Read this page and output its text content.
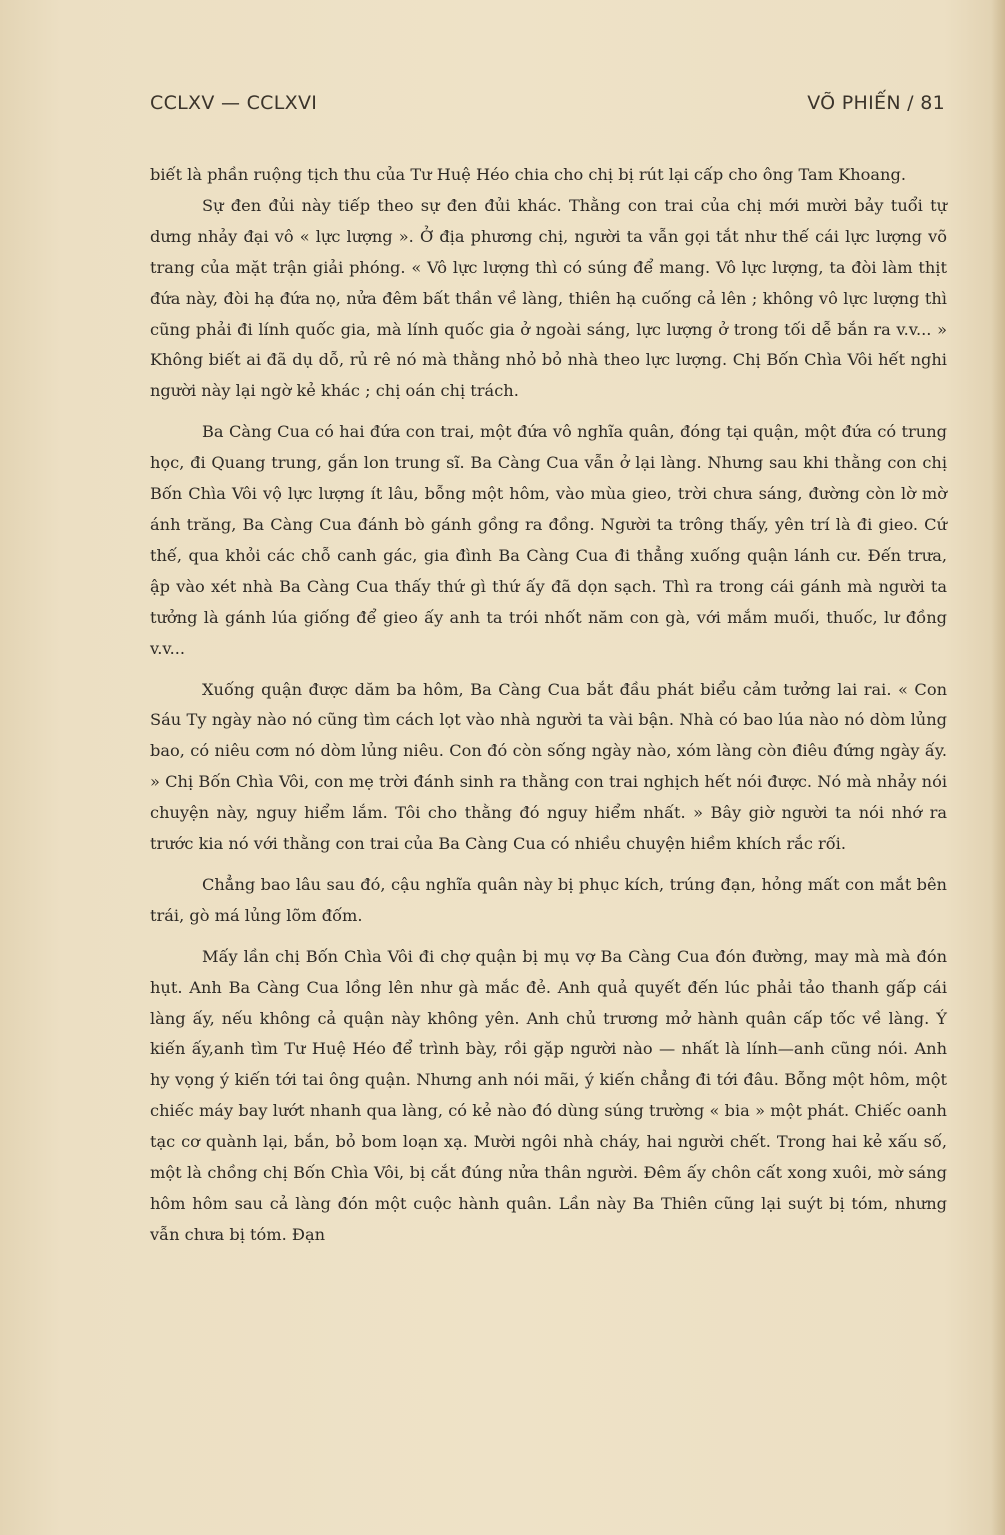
CCLXV — CCLXVI	VÕ PHIẾN / 81

biết là phần ruộng tịch thu của Tư Huệ Héo chia cho chị bị rút lại cấp cho ông Tam Khoang.

Sự đen đủi này tiếp theo sự đen đủi khác. Thằng con trai của chị mới mười bảy tuổi tự dưng nhảy đại vô « lực lượng ». Ở địa phương chị, người ta vẫn gọi tắt như thế cái lực lượng võ trang của mặt trận giải phóng. « Vô lực lượng thì có súng để mang. Vô lực lượng, ta đòi làm thịt đứa này, đòi hạ đứa nọ, nửa đêm bất thần về làng, thiên hạ cuống cả lên ; không vô lực lượng thì cũng phải đi lính quốc gia, mà lính quốc gia ở ngoài sáng, lực lượng ở trong tối dễ bắn ra v.v... » Không biết ai đã dụ dỗ, rủ rê nó mà thằng nhỏ bỏ nhà theo lực lượng. Chị Bốn Chìa Vôi hết nghi người này lại ngờ kẻ khác ; chị oán chị trách.

Ba Càng Cua có hai đứa con trai, một đứa vô nghĩa quân, đóng tại quận, một đứa có trung học, đi Quang trung, gắn lon trung sĩ. Ba Càng Cua vẫn ở lại làng. Nhưng sau khi thằng con chị Bốn Chìa Vôi vộ lực lượng ít lâu, bỗng một hôm, vào mùa gieo, trời chưa sáng, đường còn lờ mờ ánh trăng, Ba Càng Cua đánh bò gánh gồng ra đồng. Người ta trông thấy, yên trí là đi gieo. Cứ thế, qua khỏi các chỗ canh gác, gia đình Ba Càng Cua đi thẳng xuống quận lánh cư. Đến trưa, ập vào xét nhà Ba Càng Cua thấy thứ gì thứ ấy đã dọn sạch. Thì ra trong cái gánh mà người ta tưởng là gánh lúa giống để gieo ấy anh ta trói nhốt năm con gà, với mắm muối, thuốc, lư đồng v.v...

Xuống quận được dăm ba hôm, Ba Càng Cua bắt đầu phát biểu cảm tưởng lai rai. « Con Sáu Ty ngày nào nó cũng tìm cách lọt vào nhà người ta vài bận. Nhà có bao lúa nào nó dòm lủng bao, có niêu cơm nó dòm lủng niêu. Con đó còn sống ngày nào, xóm làng còn điêu đứng ngày ấy. » Chị Bốn Chìa Vôi, con mẹ trời đánh sinh ra thằng con trai nghịch hết nói được. Nó mà nhảy nói chuyện này, nguy hiểm lắm. Tôi cho thằng đó nguy hiểm nhất. » Bây giờ người ta nói nhớ ra trước kia nó với thằng con trai của Ba Càng Cua có nhiều chuyện hiềm khích rắc rối.

Chẳng bao lâu sau đó, cậu nghĩa quân này bị phục kích, trúng đạn, hỏng mất con mắt bên trái, gò má lủng lõm đốm.

Mấy lần chị Bốn Chìa Vôi đi chợ quận bị mụ vợ Ba Càng Cua đón đường, may mà mà đón hụt. Anh Ba Càng Cua lồng lên như gà mắc đẻ. Anh quả quyết đến lúc phải tảo thanh gấp cái làng ấy, nếu không cả quận này không yên. Anh chủ trương mở hành quân cấp tốc về làng. Ý kiến ấy,anh tìm Tư Huệ Héo để trình bày, rồi gặp người nào — nhất là lính—anh cũng nói. Anh hy vọng ý kiến tới tai ông quận. Nhưng anh nói mãi, ý kiến chẳng đi tới đâu. Bỗng một hôm, một chiếc máy bay lướt nhanh qua làng, có kẻ nào đó dùng súng trường « bia » một phát. Chiếc oanh tạc cơ quành lại, bắn, bỏ bom loạn xạ. Mười ngôi nhà cháy, hai người chết. Trong hai kẻ xấu số, một là chồng chị Bốn Chìa Vôi, bị cắt đúng nửa thân người. Đêm ấy chôn cất xong xuôi, mờ sáng hôm hôm sau cả làng đón một cuộc hành quân. Lần này Ba Thiên cũng lại suýt bị tóm, nhưng vẫn chưa bị tóm. Đạn
